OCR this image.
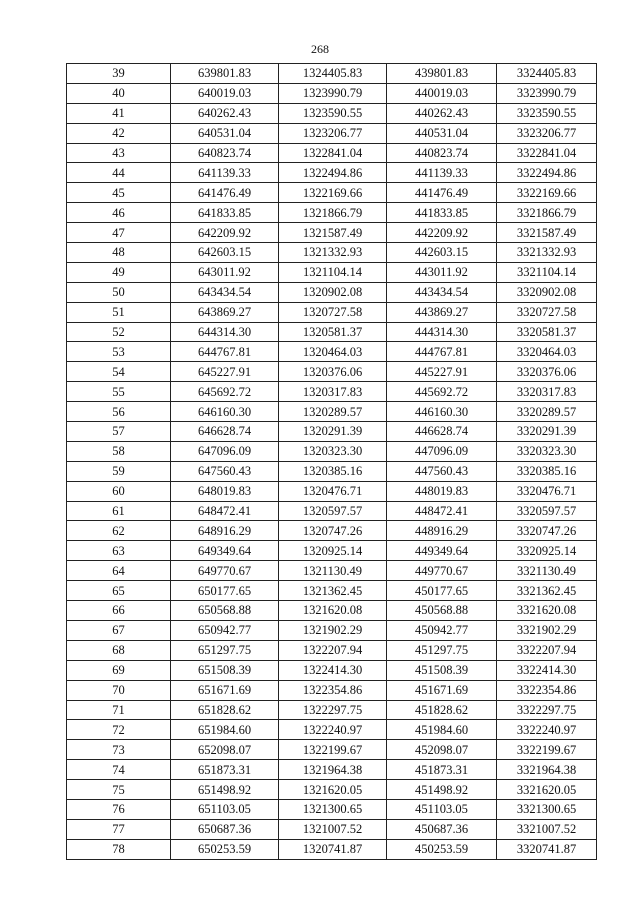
268
39	639801.83	1324405.83	439801.83	3324405.83
40	640019.03	1323990.79	440019.03	3323990.79
41	640262.43	1323590.55	440262.43	3323590.55
42	640531.04	1323206.77	440531.04	3323206.77
43	640823.74	1322841.04	440823.74	3322841.04
44	641139.33	1322494.86	441139.33	3322494.86
45	641476.49	1322169.66	441476.49	3322169.66
46	641833.85	1321866.79	441833.85	3321866.79
47	642209.92	1321587.49	442209.92	3321587.49
48	642603.15	1321332.93	442603.15	3321332.93
49	643011.92	1321104.14	443011.92	3321104.14
50	643434.54	1320902.08	443434.54	3320902.08
51	643869.27	1320727.58	443869.27	3320727.58
52	644314.30	1320581.37	444314.30	3320581.37
53	644767.81	1320464.03	444767.81	3320464.03
54	645227.91	1320376.06	445227.91	3320376.06
55	645692.72	1320317.83	445692.72	3320317.83
56	646160.30	1320289.57	446160.30	3320289.57
57	646628.74	1320291.39	446628.74	3320291.39
58	647096.09	1320323.30	447096.09	3320323.30
59	647560.43	1320385.16	447560.43	3320385.16
60	648019.83	1320476.71	448019.83	3320476.71
61	648472.41	1320597.57	448472.41	3320597.57
62	648916.29	1320747.26	448916.29	3320747.26
63	649349.64	1320925.14	449349.64	3320925.14
64	649770.67	1321130.49	449770.67	3321130.49
65	650177.65	1321362.45	450177.65	3321362.45
66	650568.88	1321620.08	450568.88	3321620.08
67	650942.77	1321902.29	450942.77	3321902.29
68	651297.75	1322207.94	451297.75	3322207.94
69	651508.39	1322414.30	451508.39	3322414.30
70	651671.69	1322354.86	451671.69	3322354.86
71	651828.62	1322297.75	451828.62	3322297.75
72	651984.60	1322240.97	451984.60	3322240.97
73	652098.07	1322199.67	452098.07	3322199.67
74	651873.31	1321964.38	451873.31	3321964.38
75	651498.92	1321620.05	451498.92	3321620.05
76	651103.05	1321300.65	451103.05	3321300.65
77	650687.36	1321007.52	450687.36	3321007.52
78	650253.59	1320741.87	450253.59	3320741.87
